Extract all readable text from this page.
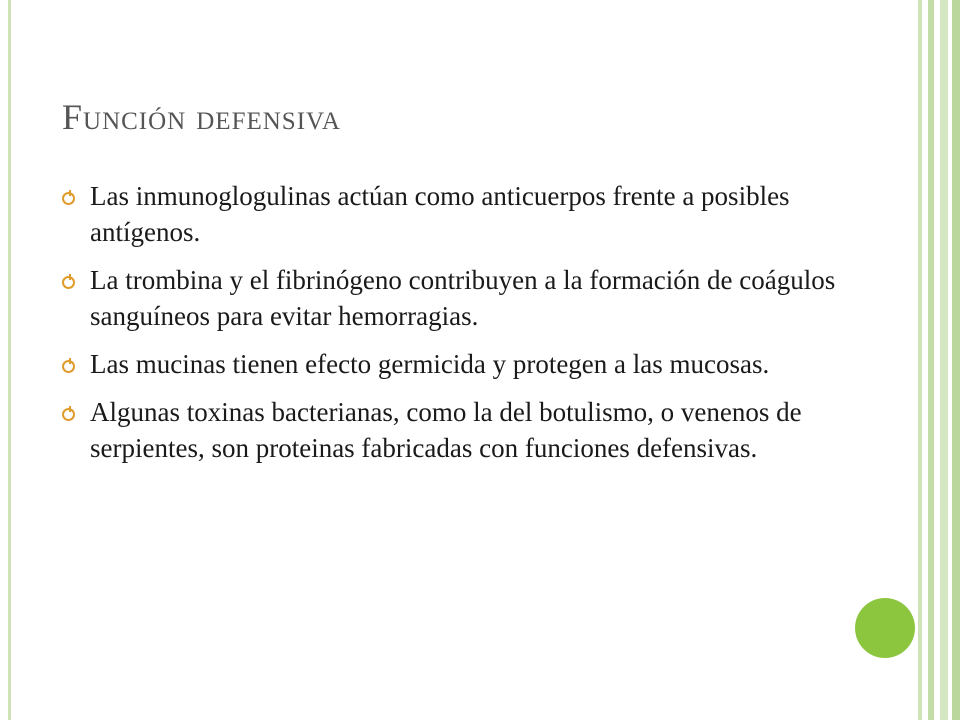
Función defensiva
Las inmunoglogulinas actúan como anticuerpos frente a posibles antígenos.
La trombina y el fibrinógeno contribuyen a la formación de coágulos sanguíneos para evitar hemorragias.
Las mucinas tienen efecto germicida y protegen a las mucosas.
Algunas toxinas bacterianas, como la del botulismo, o venenos de serpientes, son proteinas fabricadas con funciones defensivas.
